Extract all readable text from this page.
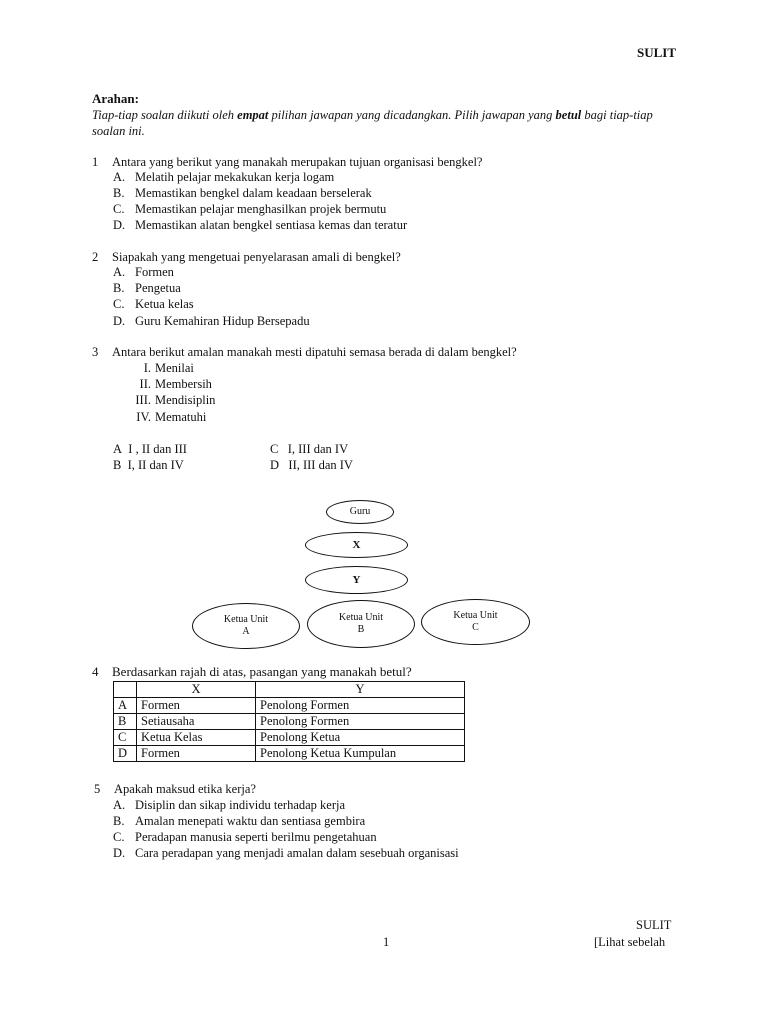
SULIT
Arahan:
Tiap-tiap soalan diikuti oleh empat pilihan jawapan yang dicadangkan. Pilih jawapan yang betul bagi tiap-tiap soalan ini.
1 Antara yang berikut yang manakah merupakan tujuan organisasi bengkel?
A. Melatih pelajar mekakukan kerja logam
B. Memastikan bengkel dalam keadaan berselerak
C. Memastikan pelajar menghasilkan projek bermutu
D. Memastikan alatan bengkel sentiasa kemas dan teratur
2 Siapakah yang mengetuai penyelarasan amali di bengkel?
A. Formen
B. Pengetua
C. Ketua kelas
D. Guru Kemahiran Hidup Bersepadu
3 Antara berikut amalan manakah mesti dipatuhi semasa berada di dalam bengkel?
I. Menilai
II. Membersih
III. Mendisiplin
IV. Mematuhi
A I , II dan III
B I, II dan IV
C I, III dan IV
D II, III dan IV
Guru
X
Y
Ketua Unit
A
Ketua Unit
B
Ketua Unit
C
4 Berdasarkan rajah di atas, pasangan yang manakah betul?
	X	Y
A	Formen	Penolong Formen
B	Setiausaha	Penolong Formen
C	Ketua Kelas	Penolong Ketua
D	Formen	Penolong Ketua Kumpulan
5 Apakah maksud etika kerja?
A. Disiplin dan sikap individu terhadap kerja
B. Amalan menepati waktu dan sentiasa gembira
C. Peradapan manusia seperti berilmu pengetahuan
D. Cara peradapan yang menjadi amalan dalam sesebuah organisasi
SULIT
1	[Lihat sebelah
